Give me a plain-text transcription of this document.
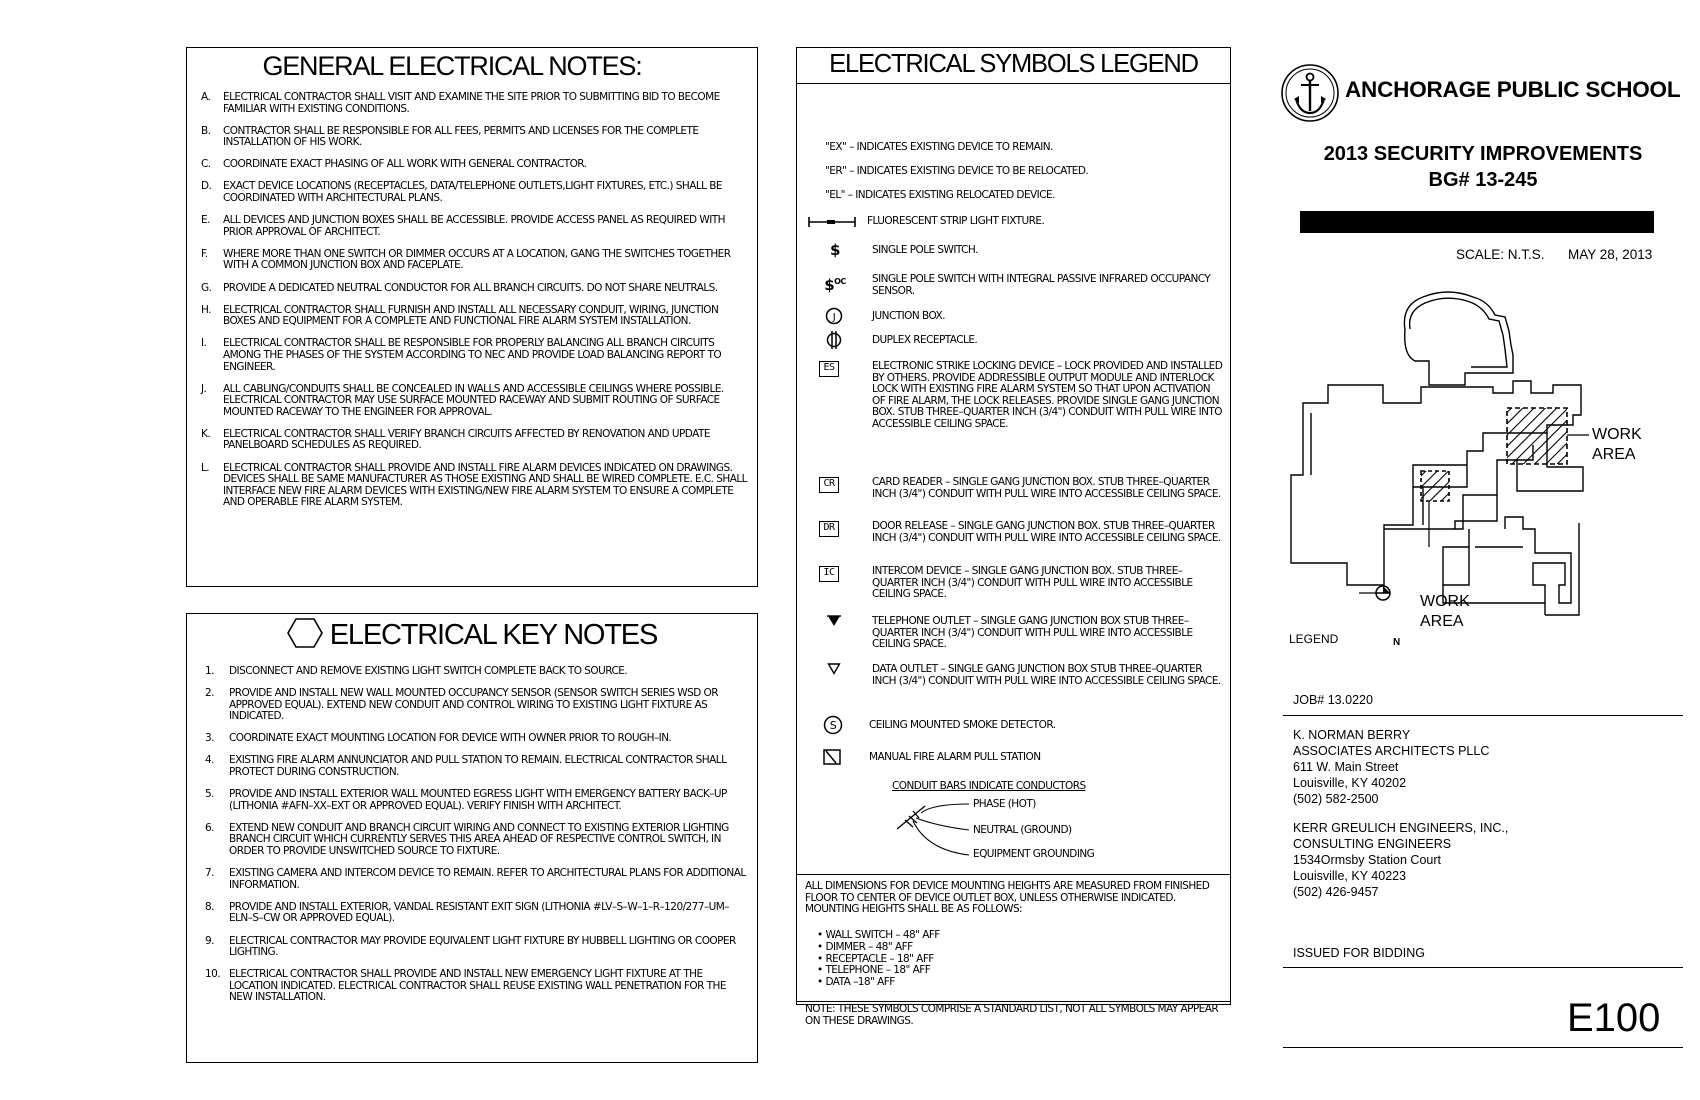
GENERAL ELECTRICAL NOTES:
A. ELECTRICAL CONTRACTOR SHALL VISIT AND EXAMINE THE SITE PRIOR TO SUBMITTING BID TO BECOME FAMILIAR WITH EXISTING CONDITIONS.
B. CONTRACTOR SHALL BE RESPONSIBLE FOR ALL FEES, PERMITS AND LICENSES FOR THE COMPLETE INSTALLATION OF HIS WORK.
C. COORDINATE EXACT PHASING OF ALL WORK WITH GENERAL CONTRACTOR.
D. EXACT DEVICE LOCATIONS (RECEPTACLES, DATA/TELEPHONE OUTLETS,LIGHT FIXTURES, ETC.) SHALL BE COORDINATED WITH ARCHITECTURAL PLANS.
E. ALL DEVICES AND JUNCTION BOXES SHALL BE ACCESSIBLE. PROVIDE ACCESS PANEL AS REQUIRED WITH PRIOR APPROVAL OF ARCHITECT.
F. WHERE MORE THAN ONE SWITCH OR DIMMER OCCURS AT A LOCATION, GANG THE SWITCHES TOGETHER WITH A COMMON JUNCTION BOX AND FACEPLATE.
G. PROVIDE A DEDICATED NEUTRAL CONDUCTOR FOR ALL BRANCH CIRCUITS. DO NOT SHARE NEUTRALS.
H. ELECTRICAL CONTRACTOR SHALL FURNISH AND INSTALL ALL NECESSARY CONDUIT, WIRING, JUNCTION BOXES AND EQUIPMENT FOR A COMPLETE AND FUNCTIONAL FIRE ALARM SYSTEM INSTALLATION.
I. ELECTRICAL CONTRACTOR SHALL BE RESPONSIBLE FOR PROPERLY BALANCING ALL BRANCH CIRCUITS AMONG THE PHASES OF THE SYSTEM ACCORDING TO NEC AND PROVIDE LOAD BALANCING REPORT TO ENGINEER.
J. ALL CABLING/CONDUITS SHALL BE CONCEALED IN WALLS AND ACCESSIBLE CEILINGS WHERE POSSIBLE. ELECTRICAL CONTRACTOR MAY USE SURFACE MOUNTED RACEWAY AND SUBMIT ROUTING OF SURFACE MOUNTED RACEWAY TO THE ENGINEER FOR APPROVAL.
K. ELECTRICAL CONTRACTOR SHALL VERIFY BRANCH CIRCUITS AFFECTED BY RENOVATION AND UPDATE PANELBOARD SCHEDULES AS REQUIRED.
L. ELECTRICAL CONTRACTOR SHALL PROVIDE AND INSTALL FIRE ALARM DEVICES INDICATED ON DRAWINGS. DEVICES SHALL BE SAME MANUFACTURER AS THOSE EXISTING AND SHALL BE WIRED COMPLETE. E.C. SHALL INTERFACE NEW FIRE ALARM DEVICES WITH EXISTING/NEW FIRE ALARM SYSTEM TO ENSURE A COMPLETE AND OPERABLE FIRE ALARM SYSTEM.
ELECTRICAL KEY NOTES
1. DISCONNECT AND REMOVE EXISTING LIGHT SWITCH COMPLETE BACK TO SOURCE.
2. PROVIDE AND INSTALL NEW WALL MOUNTED OCCUPANCY SENSOR (SENSOR SWITCH SERIES WSD OR APPROVED EQUAL). EXTEND NEW CONDUIT AND CONTROL WIRING TO EXISTING LIGHT FIXTURE AS INDICATED.
3. COORDINATE EXACT MOUNTING LOCATION FOR DEVICE WITH OWNER PRIOR TO ROUGH–IN.
4. EXISTING FIRE ALARM ANNUNCIATOR AND PULL STATION TO REMAIN. ELECTRICAL CONTRACTOR SHALL PROTECT DURING CONSTRUCTION.
5. PROVIDE AND INSTALL EXTERIOR WALL MOUNTED EGRESS LIGHT WITH EMERGENCY BATTERY BACK–UP (LITHONIA #AFN–XX–EXT OR APPROVED EQUAL). VERIFY FINISH WITH ARCHITECT.
6. EXTEND NEW CONDUIT AND BRANCH CIRCUIT WIRING AND CONNECT TO EXISTING EXTERIOR LIGHTING BRANCH CIRCUIT WHICH CURRENTLY SERVES THIS AREA AHEAD OF RESPECTIVE CONTROL SWITCH, IN ORDER TO PROVIDE UNSWITCHED SOURCE TO FIXTURE.
7. EXISTING CAMERA AND INTERCOM DEVICE TO REMAIN. REFER TO ARCHITECTURAL PLANS FOR ADDITIONAL INFORMATION.
8. PROVIDE AND INSTALL EXTERIOR, VANDAL RESISTANT EXIT SIGN (LITHONIA #LV–S–W–1–R–120/277–UM–ELN–S–CW OR APPROVED EQUAL).
9. ELECTRICAL CONTRACTOR MAY PROVIDE EQUIVALENT LIGHT FIXTURE BY HUBBELL LIGHTING OR COOPER LIGHTING.
10. ELECTRICAL CONTRACTOR SHALL PROVIDE AND INSTALL NEW EMERGENCY LIGHT FIXTURE AT THE LOCATION INDICATED. ELECTRICAL CONTRACTOR SHALL REUSE EXISTING WALL PENETRATION FOR THE NEW INSTALLATION.
ELECTRICAL SYMBOLS LEGEND
"EX" – INDICATES EXISTING DEVICE TO REMAIN.
"ER" – INDICATES EXISTING DEVICE TO BE RELOCATED.
"EL" – INDICATES EXISTING RELOCATED DEVICE.
FLUORESCENT STRIP LIGHT FIXTURE.
$	SINGLE POLE SWITCH.
\$$^{OC}$	SINGLE POLE SWITCH WITH INTEGRAL PASSIVE INFRARED OCCUPANCY SENSOR.
J	JUNCTION BOX.
DUPLEX RECEPTACLE.
ES	ELECTRONIC STRIKE LOCKING DEVICE – LOCK PROVIDED AND INSTALLED BY OTHERS. PROVIDE ADDRESSIBLE OUTPUT MODULE AND INTERLOCK LOCK WITH EXISTING FIRE ALARM SYSTEM SO THAT UPON ACTIVATION OF FIRE ALARM, THE LOCK RELEASES. PROVIDE SINGLE GANG JUNCTION BOX. STUB THREE–QUARTER INCH (3/4") CONDUIT WITH PULL WIRE INTO ACCESSIBLE CEILING SPACE.
CR	CARD READER – SINGLE GANG JUNCTION BOX. STUB THREE–QUARTER INCH (3/4") CONDUIT WITH PULL WIRE INTO ACCESSIBLE CEILING SPACE.
DR	DOOR RELEASE – SINGLE GANG JUNCTION BOX. STUB THREE–QUARTER INCH (3/4") CONDUIT WITH PULL WIRE INTO ACCESSIBLE CEILING SPACE.
IC	INTERCOM DEVICE – SINGLE GANG JUNCTION BOX. STUB THREE–QUARTER INCH (3/4") CONDUIT WITH PULL WIRE INTO ACCESSIBLE CEILING SPACE.
TELEPHONE OUTLET – SINGLE GANG JUNCTION BOX STUB THREE–QUARTER INCH (3/4") CONDUIT WITH PULL WIRE INTO ACCESSIBLE CEILING SPACE.
DATA OUTLET – SINGLE GANG JUNCTION BOX STUB THREE–QUARTER INCH (3/4") CONDUIT WITH PULL WIRE INTO ACCESSIBLE CEILING SPACE.
S	CEILING MOUNTED SMOKE DETECTOR.
MANUAL FIRE ALARM PULL STATION
CONDUIT BARS INDICATE CONDUCTORS
PHASE (HOT)
NEUTRAL (GROUND)
EQUIPMENT GROUNDING
ALL DIMENSIONS FOR DEVICE MOUNTING HEIGHTS ARE MEASURED FROM FINISHED FLOOR TO CENTER OF DEVICE OUTLET BOX, UNLESS OTHERWISE INDICATED. MOUNTING HEIGHTS SHALL BE AS FOLLOWS:
• WALL SWITCH – 48" AFF
• DIMMER – 48" AFF
• RECEPTACLE – 18" AFF
• TELEPHONE – 18" AFF
• DATA –18" AFF
NOTE: THESE SYMBOLS COMPRISE A STANDARD LIST, NOT ALL SYMBOLS MAY APPEAR ON THESE DRAWINGS.
ANCHORAGE PUBLIC SCHOOL
2013 SECURITY IMPROVEMENTS
BG# 13-245
SCALE: N.T.S. MAY 28, 2013
WORK
AREA
WORK
AREA
LEGEND	N
JOB# 13.0220
K. NORMAN BERRY
ASSOCIATES ARCHITECTS PLLC
611 W. Main Street
Louisville, KY 40202
(502) 582-2500
KERR GREULICH ENGINEERS, INC.,
CONSULTING ENGINEERS
1534Ormsby Station Court
Louisville, KY 40223
(502) 426-9457
ISSUED FOR BIDDING
E100
